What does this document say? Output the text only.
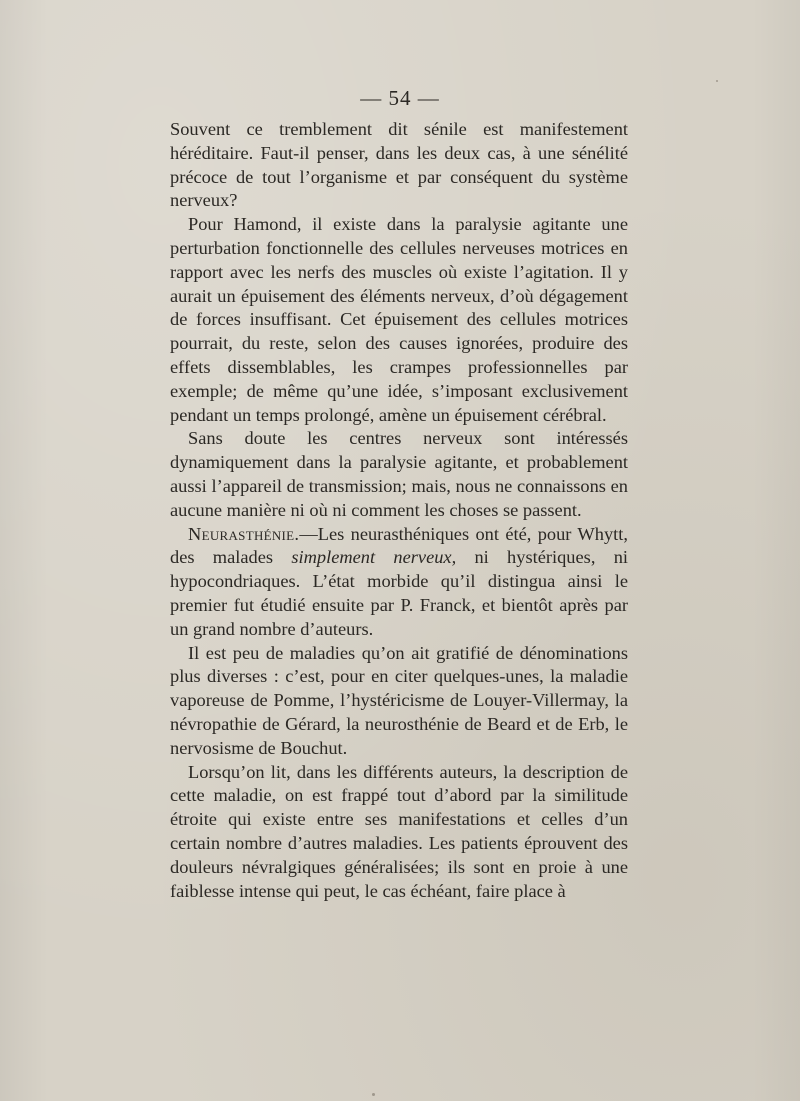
— 54 —

Souvent ce tremblement dit sénile est manifestement héréditaire. Faut-il penser, dans les deux cas, à une sénélité précoce de tout l’organisme et par conséquent du système nerveux?

Pour Hamond, il existe dans la paralysie agitante une perturbation fonctionnelle des cellules nerveuses motrices en rapport avec les nerfs des muscles où existe l’agitation. Il y aurait un épuisement des éléments nerveux, d’où dégagement de forces insuffisant. Cet épuisement des cellules motrices pourrait, du reste, selon des causes ignorées, produire des effets dissemblables, les crampes professionnelles par exemple; de même qu’une idée, s’imposant exclusivement pendant un temps prolongé, amène un épuisement cérébral.

Sans doute les centres nerveux sont intéressés dynamiquement dans la paralysie agitante, et probablement aussi l’appareil de transmission; mais, nous ne connaissons en aucune manière ni où ni comment les choses se passent.

Neurasthénie.—Les neurasthéniques ont été, pour Whytt, des malades simplement nerveux, ni hystériques, ni hypocondriaques. L’état morbide qu’il distingua ainsi le premier fut étudié ensuite par P. Franck, et bientôt après par un grand nombre d’auteurs.

Il est peu de maladies qu’on ait gratifié de dénominations plus diverses : c’est, pour en citer quelques-unes, la maladie vaporeuse de Pomme, l’hystéricisme de Louyer-Villermay, la névropathie de Gérard, la neurosthénie de Beard et de Erb, le nervosisme de Bouchut.

Lorsqu’on lit, dans les différents auteurs, la description de cette maladie, on est frappé tout d’abord par la similitude étroite qui existe entre ses manifestations et celles d’un certain nombre d’autres maladies. Les patients éprouvent des douleurs névralgiques généralisées; ils sont en proie à une faiblesse intense qui peut, le cas échéant, faire place à
